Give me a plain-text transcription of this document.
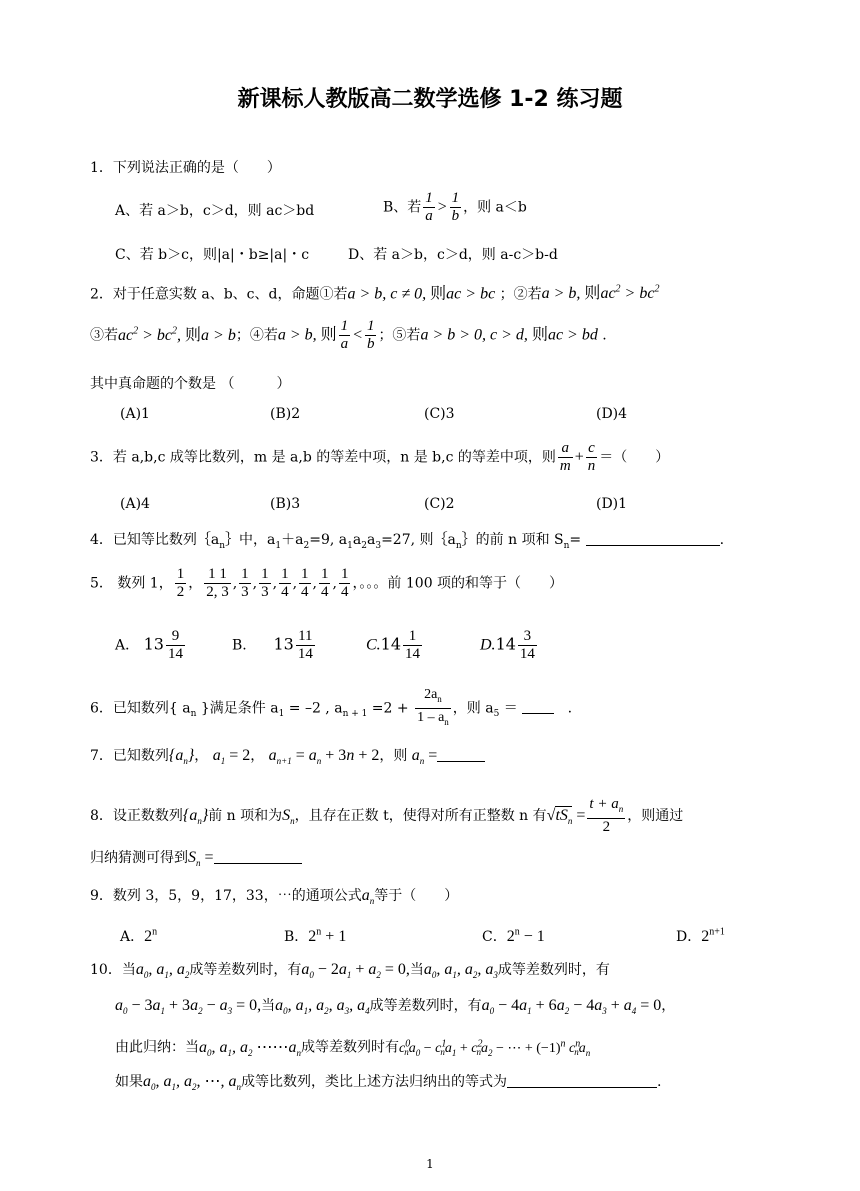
新课标人教版高二数学选修 1-2 练习题
1．下列说法正确的是（　　）
A、若 a＞b，c＞d，则 ac＞bd	B、若 $\frac{1}{a} > \frac{1}{b}$ ，则 a＜b
C、若 b＞c，则|a|・b≥|a|・c	D、若 a＞b，c＞d，则 a-c＞b-d
2．对于任意实数 a、b、c、d，命题①若a > b, c ≠ 0, 则ac > bc ；②若a > b, 则$ac^2 > bc^2$
③若$ac^2 > bc^2$, 则a > b；④若a > b, 则 $\frac{1}{a} < \frac{1}{b}$ ；⑤若a > b > 0, c > d, 则ac > bd .
其中真命题的个数是 （　　　）
(A)1	(B)2	(C)3	(D)4
3．若 a,b,c 成等比数列，m 是 a,b 的等差中项，n 是 b,c 的等差中项，则 $\frac{a}{m} + \frac{c}{n}$ ＝（　　）
(A)4	(B)3	(C)2	(D)1
4．已知等比数列$\{a_n\}$中，$a_1+a_2=9$, $a_1a_2a_3=27$, 则$\{a_n\}$的前 n 项和 $S_n=$	.
5． 数列 1， $\frac{1}{2}$ ， $\frac{1 1}{2, 3}$ , $\frac{1}{3}$ , $\frac{1}{3}$ , $\frac{1}{4}$ , $\frac{1}{4}$ , $\frac{1}{4}$ , $\frac{1}{4}$ ，。。。前 100 项的和等于（　　）
A． $13 \frac{9}{14}$	B. $13 \frac{11}{14}$	$C.14 \frac{1}{14}$	$D.14 \frac{3}{14}$
6．已知数列{ $a_n$ }满足条件 $a_1 = -2$ , $a_{n + 1} =2 + \frac{2a_n}{1 - a_n}$ ，则 $a_5$ ＝	.
7．已知数列$\{a_n\}$， $a_1 = 2$， $a_{n+1} = a_n + 3n + 2$，则 $a_n$ =
8．设正数数列$\{a_n\}$前 n 项和为$S_n$，且存在正数 t，使得对所有正整数 n 有$√tS_n = \frac{t + a_n}{2}$ ，则通过
归纳猜测可得到$S_n$ =
9．数列 3，5，9，17，33，⋯的通项公式$a_n$等于（　　）
A．2$^n$	B．$2^n + 1$	C．$2^n - 1$	D．$2^{n+1}$
10．当$a_0$, $a_1$, $a_2$成等差数列时，有$a_0 - 2a_1 + a_2 = 0$,当$a_0$, $a_1$, $a_2$, $a_3$成等差数列时，有
$a_0 - 3a_1 + 3a_2 - a_3 = 0$,当$a_0$, $a_1$, $a_2$, $a_3$, $a_4$成等差数列时，有$a_0 - 4a_1 + 6a_2 - 4a_3 + a_4 = 0$，
由此归纳：当$a_0$, $a_1$, $a_2$ $\cdots\cdots a_n$成等差数列时有$c^0_na_0 - c^1_na_1 + c^2_na_2$ − ⋯ + $(-1)^n$ $c^n_na_n$
如果$a_0$, $a_1$, $a_2$, ⋯, $a_n$成等比数列，类比上述方法归纳出的等式为	.
1
